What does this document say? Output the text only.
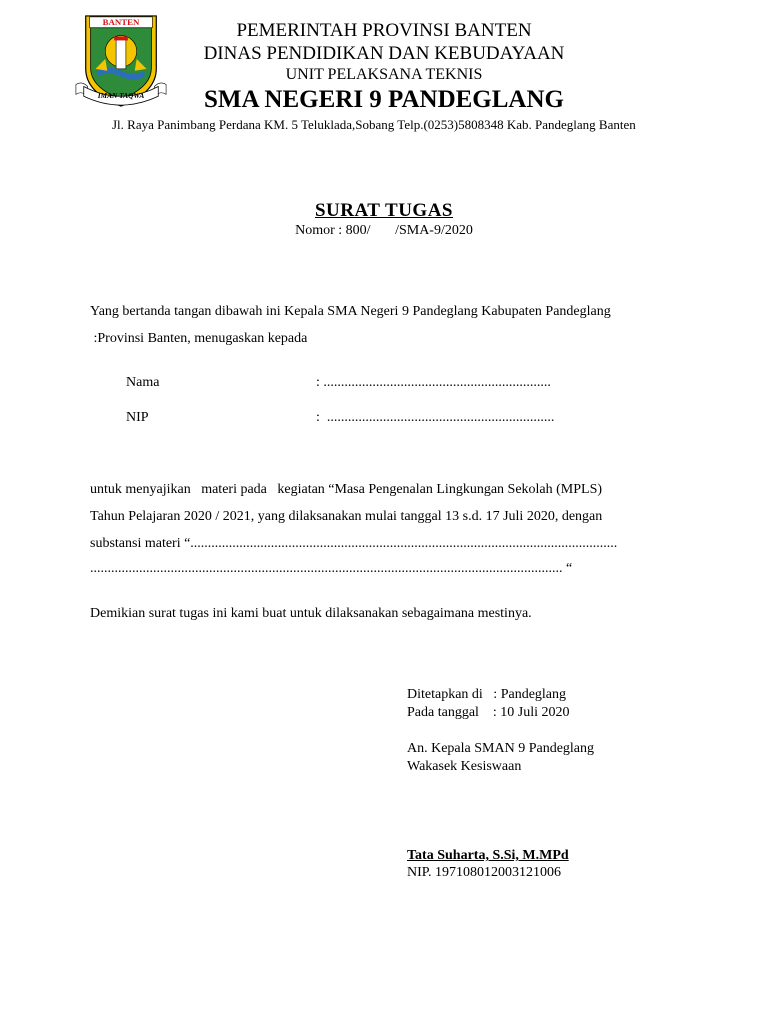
BANTEN
IMAN TAQWA
PEMERINTAH PROVINSI BANTEN
DINAS PENDIDIKAN DAN KEBUDAYAAN
UNIT PELAKSANA TEKNIS
SMA NEGERI 9 PANDEGLANG
Jl. Raya Panimbang Perdana KM. 5 Teluklada,Sobang Telp.(0253)5808348 Kab. Pandeglang Banten
SURAT TUGAS
Nomor : 800/       /SMA-9/2020
Yang bertanda tangan dibawah ini Kepala SMA Negeri 9 Pandeglang Kabupaten Pandeglang
:Provinsi Banten, menugaskan kepada
Nama	: .................................................................
NIP	:  .................................................................
untuk menyajikan   materi pada   kegiatan “Masa Pengenalan Lingkungan Sekolah (MPLS)
Tahun Pelajaran 2020 / 2021, yang dilaksanakan mulai tanggal 13 s.d. 17 Juli 2020, dengan
substansi materi “..........................................................................................................................
....................................................................................................................................... “
Demikian surat tugas ini kami buat untuk dilaksanakan sebagaimana mestinya.
Ditetapkan di   : Pandeglang
Pada tanggal    : 10 Juli 2020
An. Kepala SMAN 9 Pandeglang
Wakasek Kesiswaan
Tata Suharta, S.Si, M.MPd
NIP. 197108012003121006
